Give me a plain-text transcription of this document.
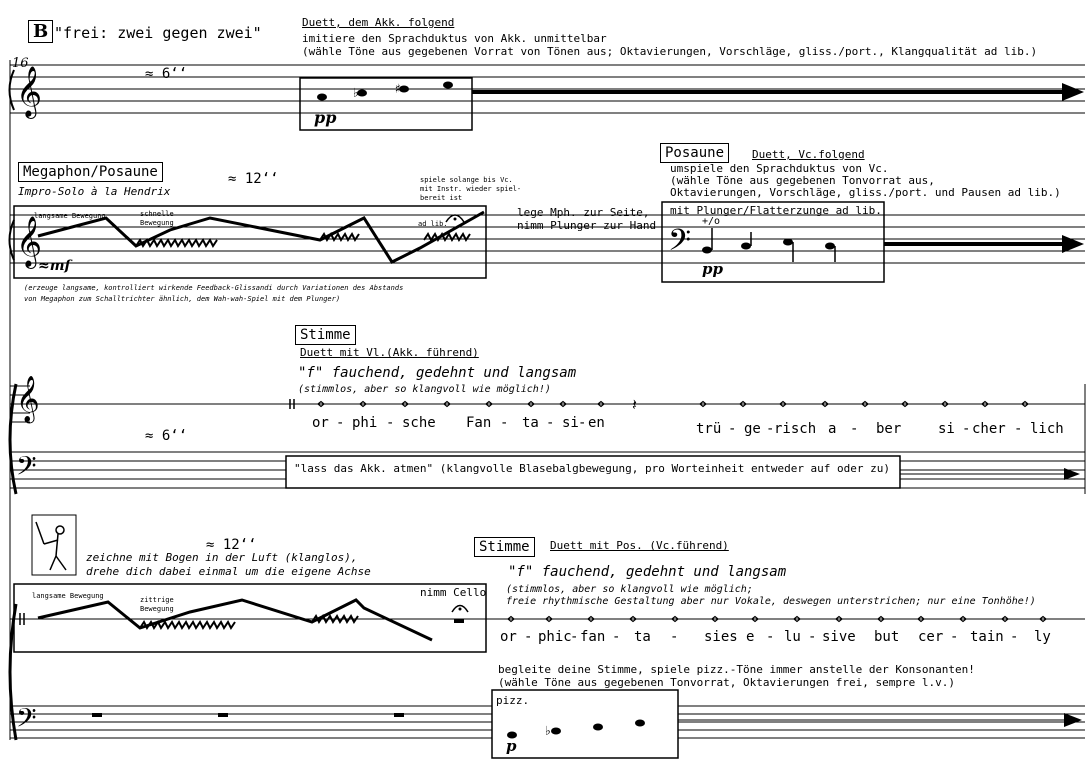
𝄞	♭	♯
𝄞	𝄢
𝄞
𝄢
𝄽
𝄢	♭
B "frei: zwei gegen zwei"
16
≈ 6‘‘
Duett, dem Akk. folgend
imitiere den Sprachduktus von Akk. unmittelbar
(wähle Töne aus gegebenen Vorrat von Tönen aus; Oktavierungen, Vorschläge, gliss./port., Klangqualität ad lib.)
pp
Megaphon/Posaune
Impro-Solo à la Hendrix
≈ 12‘‘
langsame Bewegung	schnelle
Bewegung
spiele solange bis Vc.
mit Instr. wieder spiel-
bereit ist
ad lib.
≈mf
(erzeuge langsame, kontrolliert wirkende Feedback-Glissandi durch Variationen des Abstands
von Megaphon zum Schalltrichter ähnlich, dem Wah-wah-Spiel mit dem Plunger)
lege Mph. zur Seite,
nimm Plunger zur Hand
Posaune	Duett, Vc.folgend
umspiele den Sprachduktus von Vc.
(wähle Töne aus gegebenen Tonvorrat aus,
Oktavierungen, Vorschläge, gliss./port. und Pausen ad lib.)
mit Plunger/Flatterzunge ad lib.
+/o
pp
Stimme
Duett mit Vl.(Akk. führend)
"f" fauchend, gedehnt und langsam
(stimmlos, aber so klangvoll wie möglich!)
≈ 6‘‘
"lass das Akk. atmen" (klangvolle Blasebalgbewegung, pro Worteinheit entweder auf oder zu)
or - phi - sche Fan - ta - si - en	trü - ge - risch a - ber	si - cher - lich
≈ 12‘‘
zeichne mit Bogen in der Luft (klanglos),
drehe dich dabei einmal um die eigene Achse
langsame Bewegung	zittrige
Bewegung
nimm Cello
Stimme	Duett mit Pos. (Vc.führend)
"f" fauchend, gedehnt und langsam
(stimmlos, aber so klangvoll wie möglich;
freie rhythmische Gestaltung aber nur Vokale, deswegen unterstrichen; nur eine Tonhöhe!)
or - phic
- fan - ta - sies e - lu - sive but cer - tain - ly
begleite deine Stimme, spiele pizz.-Töne immer anstelle der Konsonanten!
(wähle Töne aus gegebenen Tonvorrat, Oktavierungen frei, sempre l.v.)
pizz.
p
